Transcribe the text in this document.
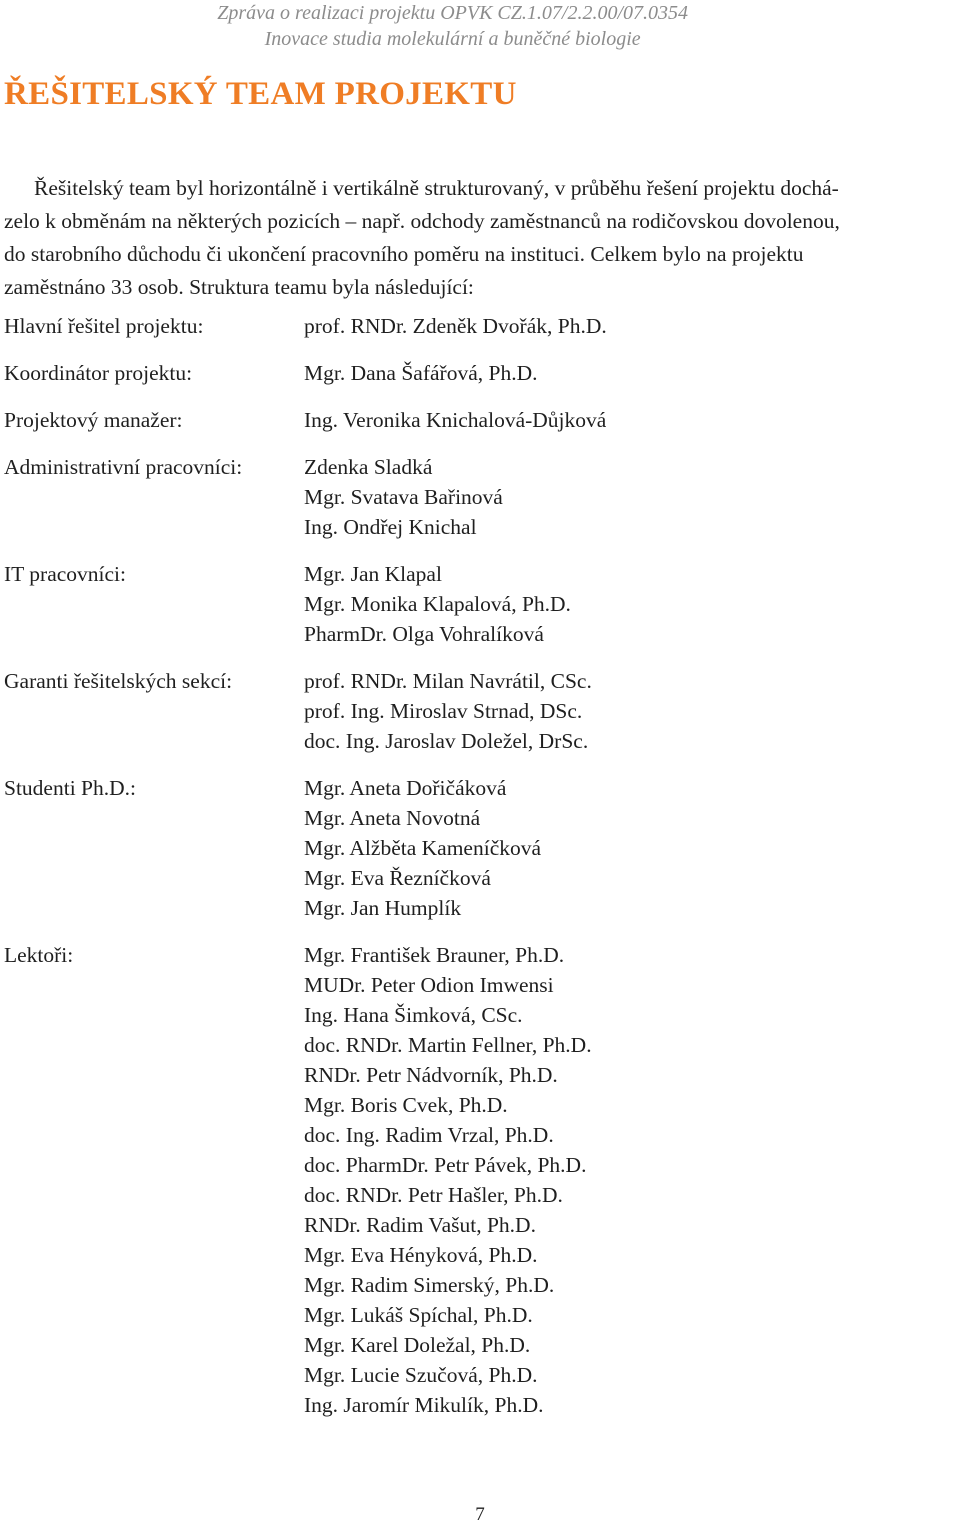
Zpráva o realizaci projektu OPVK CZ.1.07/2.2.00/07.0354
Inovace studia molekulární a buněčné biologie
ŘEŠITELSKÝ TEAM PROJEKTU
Řešitelský team byl horizontálně i vertikálně strukturovaný, v průběhu řešení projektu dochá-
zelo k obměnám na některých pozicích – např. odchody zaměstnanců na rodičovskou dovolenou,
do starobního důchodu či ukončení pracovního poměru na instituci. Celkem bylo na projektu
zaměstnáno 33 osob. Struktura teamu byla následující:
Hlavní řešitel projektu:	prof. RNDr. Zdeněk Dvořák, Ph.D.
Koordinátor projektu:	Mgr. Dana Šafářová, Ph.D.
Projektový manažer:	Ing. Veronika Knichalová-Důjková
Administrativní pracovníci:	Zdenka Sladká
Mgr. Svatava Bařinová
Ing. Ondřej Knichal
IT pracovníci:	Mgr. Jan Klapal
Mgr. Monika Klapalová, Ph.D.
PharmDr. Olga Vohralíková
Garanti řešitelských sekcí:	prof. RNDr. Milan Navrátil, CSc.
prof. Ing. Miroslav Strnad, DSc.
doc. Ing. Jaroslav Doležel, DrSc.
Studenti Ph.D.:	Mgr. Aneta Dořičáková
Mgr. Aneta Novotná
Mgr. Alžběta Kameníčková
Mgr. Eva Řezníčková
Mgr. Jan Humplík
Lektoři:	Mgr. František Brauner, Ph.D.
MUDr. Peter Odion Imwensi
Ing. Hana Šimková, CSc.
doc. RNDr. Martin Fellner, Ph.D.
RNDr. Petr Nádvorník, Ph.D.
Mgr. Boris Cvek, Ph.D.
doc. Ing. Radim Vrzal, Ph.D.
doc. PharmDr. Petr Pávek, Ph.D.
doc. RNDr. Petr Hašler, Ph.D.
RNDr. Radim Vašut, Ph.D.
Mgr. Eva Hényková, Ph.D.
Mgr. Radim Simerský, Ph.D.
Mgr. Lukáš Spíchal, Ph.D.
Mgr. Karel Doležal, Ph.D.
Mgr. Lucie Szučová, Ph.D.
Ing. Jaromír Mikulík, Ph.D.
7
